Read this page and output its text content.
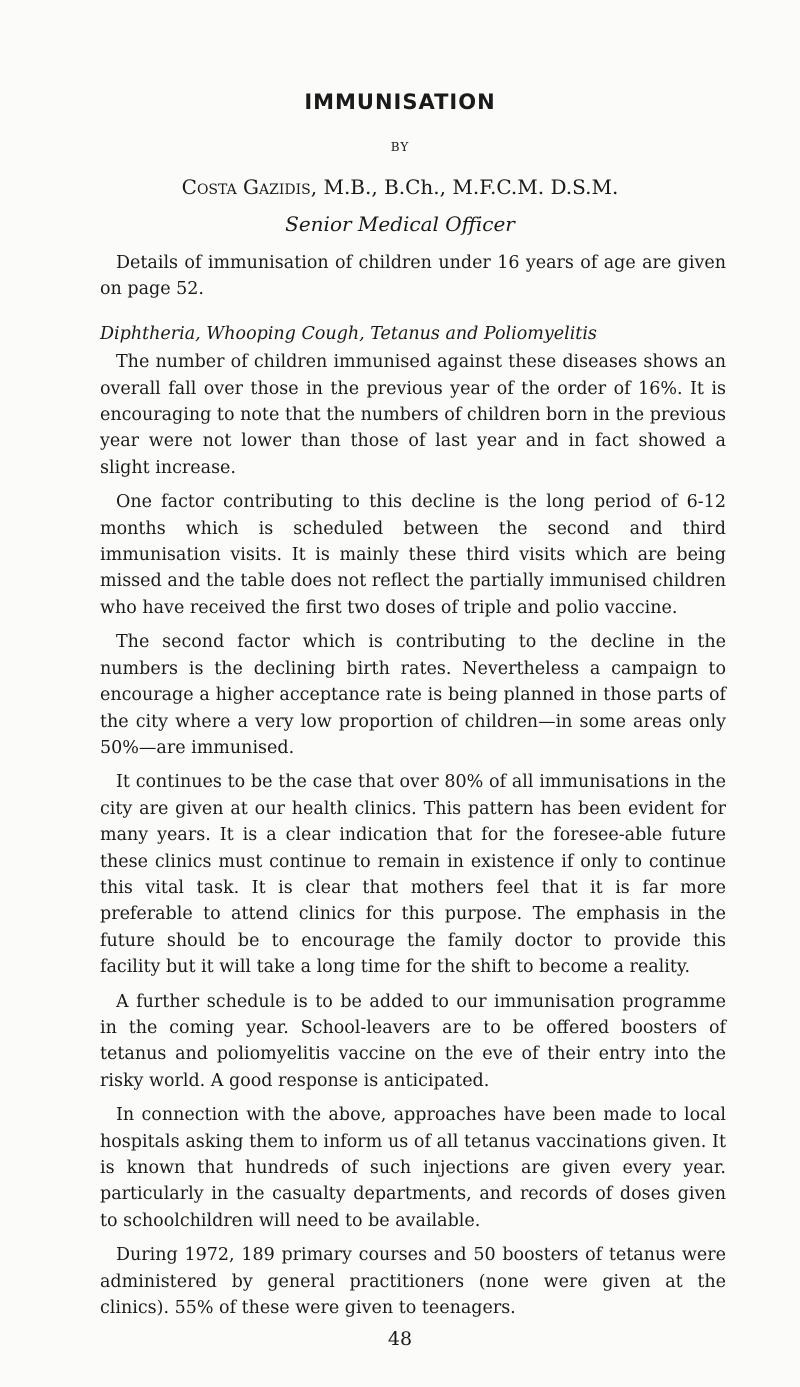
IMMUNISATION
BY
Costa Gazidis, M.B., B.Ch., M.F.C.M. D.S.M.
Senior Medical Officer

Details of immunisation of children under 16 years of age are given on page 52.

Diphtheria, Whooping Cough, Tetanus and Poliomyelitis

The number of children immunised against these diseases shows an overall fall over those in the previous year of the order of 16%. It is encouraging to note that the numbers of children born in the previous year were not lower than those of last year and in fact showed a slight increase.

One factor contributing to this decline is the long period of 6-12 months which is scheduled between the second and third immunisation visits. It is mainly these third visits which are being missed and the table does not reflect the partially immunised children who have received the first two doses of triple and polio vaccine.

The second factor which is contributing to the decline in the numbers is the declining birth rates. Nevertheless a campaign to encourage a higher acceptance rate is being planned in those parts of the city where a very low proportion of children—in some areas only 50%—are immunised.

It continues to be the case that over 80% of all immunisations in the city are given at our health clinics. This pattern has been evident for many years. It is a clear indication that for the foresee-able future these clinics must continue to remain in existence if only to continue this vital task. It is clear that mothers feel that it is far more preferable to attend clinics for this purpose. The emphasis in the future should be to encourage the family doctor to provide this facility but it will take a long time for the shift to become a reality.

A further schedule is to be added to our immunisation programme in the coming year. School-leavers are to be offered boosters of tetanus and poliomyelitis vaccine on the eve of their entry into the risky world. A good response is anticipated.

In connection with the above, approaches have been made to local hospitals asking them to inform us of all tetanus vaccinations given. It is known that hundreds of such injections are given every year. particularly in the casualty departments, and records of doses given to schoolchildren will need to be available.

During 1972, 189 primary courses and 50 boosters of tetanus were administered by general practitioners (none were given at the clinics). 55% of these were given to teenagers.

48
